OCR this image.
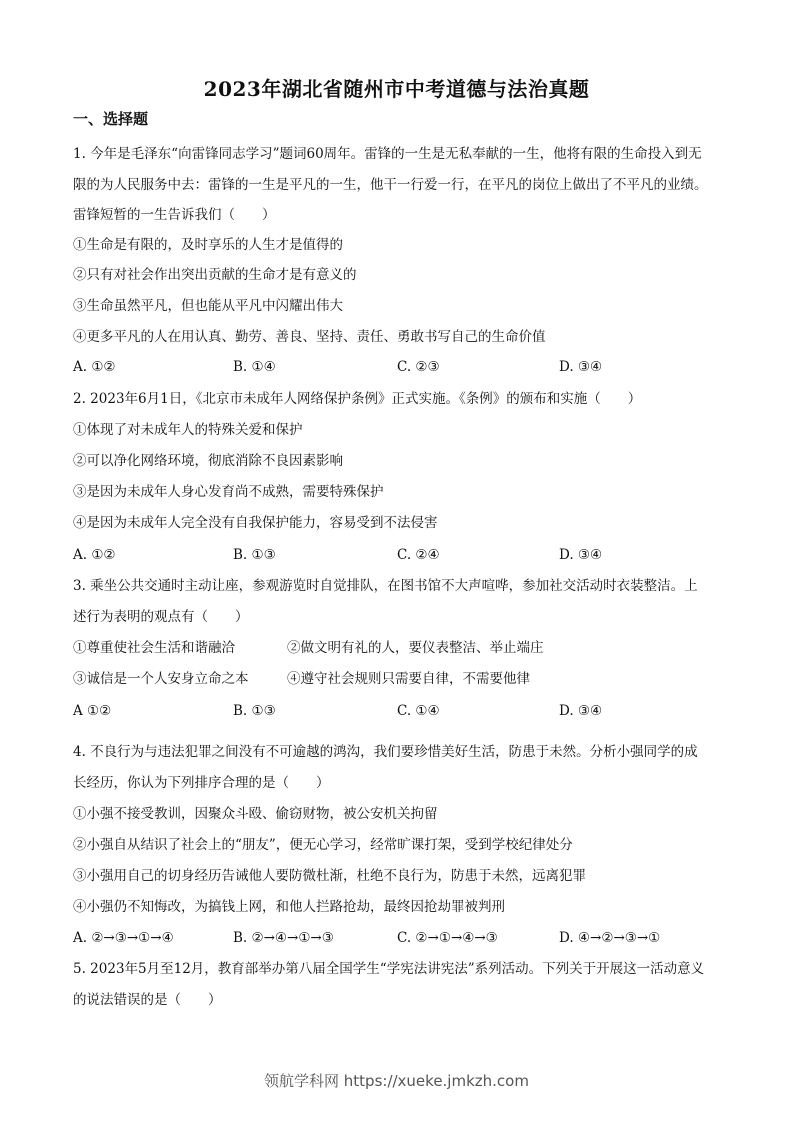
2023年湖北省随州市中考道德与法治真题
一、选择题
1. 今年是毛泽东“向雷锋同志学习”题词60周年。雷锋的一生是无私奉献的一生，他将有限的生命投入到无
限的为人民服务中去：雷锋的一生是平凡的一生，他干一行爱一行，在平凡的岗位上做出了不平凡的业绩。
雷锋短暂的一生告诉我们（　　）
①生命是有限的，及时享乐的人生才是值得的
②只有对社会作出突出贡献的生命才是有意义的
③生命虽然平凡，但也能从平凡中闪耀出伟大
④更多平凡的人在用认真、勤劳、善良、坚持、责任、勇敢书写自己的生命价值
A. ①②	B. ①④	C. ②③	D. ③④
2. 2023年6月1日，《北京市未成年人网络保护条例》正式实施。《条例》的颁布和实施（　　）
①体现了对未成年人的特殊关爱和保护
②可以净化网络环境，彻底消除不良因素影响
③是因为未成年人身心发育尚不成熟，需要特殊保护
④是因为未成年人完全没有自我保护能力，容易受到不法侵害
A. ①②	B. ①③	C. ②④	D. ③④
3. 乘坐公共交通时主动让座，参观游览时自觉排队，在图书馆不大声喧哗，参加社交活动时衣装整洁。上
述行为表明的观点有（　　）
①尊重使社会生活和谐融洽	②做文明有礼的人，要仪表整洁、举止端庄
③诚信是一个人安身立命之本	④遵守社会规则只需要自律，不需要他律
A ①②	B. ①③	C. ①④	D. ③④
4. 不良行为与违法犯罪之间没有不可逾越的鸿沟，我们要珍惜美好生活，防患于未然。分析小强同学的成
长经历，你认为下列排序合理的是（　　）
①小强不接受教训，因聚众斗殴、偷窃财物，被公安机关拘留
②小强自从结识了社会上的“朋友”，便无心学习，经常旷课打架，受到学校纪律处分
③小强用自己的切身经历告诫他人要防微杜渐，杜绝不良行为，防患于未然，远离犯罪
④小强仍不知悔改，为搞钱上网，和他人拦路抢劫，最终因抢劫罪被判刑
A. ②→③→①→④	B. ②→④→①→③	C. ②→①→④→③	D. ④→②→③→①
5. 2023年5月至12月，教育部举办第八届全国学生“学宪法讲宪法”系列活动。下列关于开展这一活动意义
的说法错误的是（　　）
领航学科网 https://xueke.jmkzh.com
